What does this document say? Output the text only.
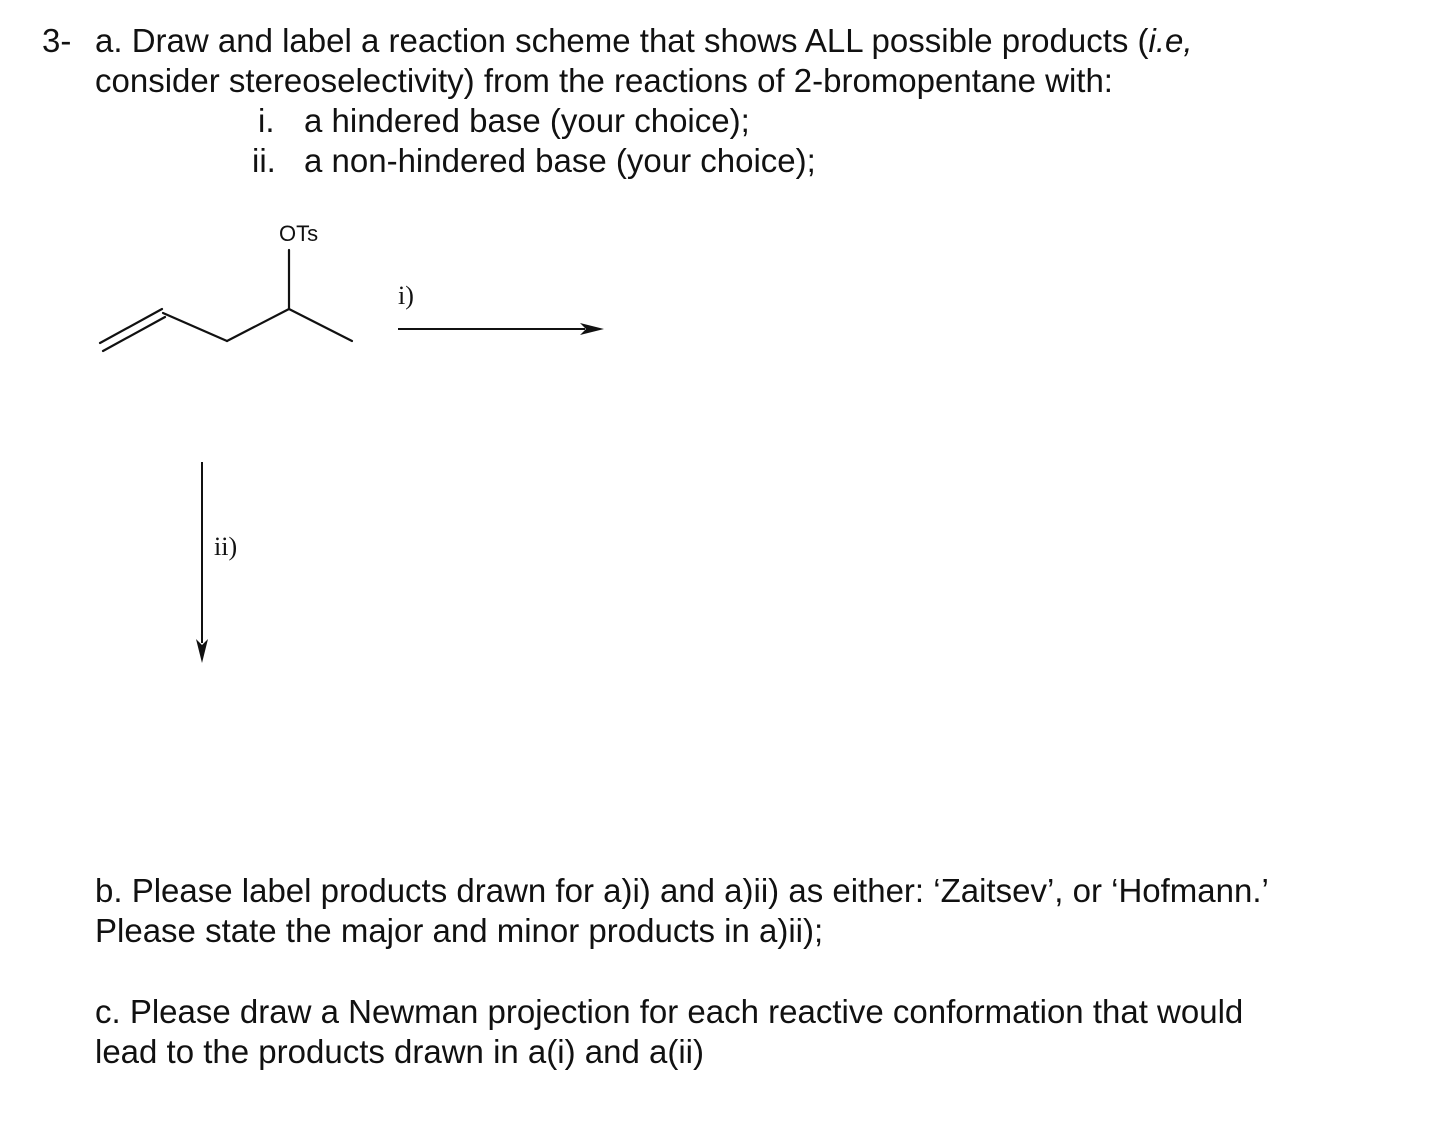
3- a. Draw and label a reaction scheme that shows ALL possible products (i.e,
consider stereoselectivity) from the reactions of 2-bromopentane with:
i. a hindered base (your choice);
ii. a non-hindered base (your choice);
OTs
i)
ii)
b. Please label products drawn for a)i) and a)ii) as either: ‘Zaitsev’, or ‘Hofmann.’
Please state the major and minor products in a)ii);
c. Please draw a Newman projection for each reactive conformation that would
lead to the products drawn in a(i) and a(ii)
